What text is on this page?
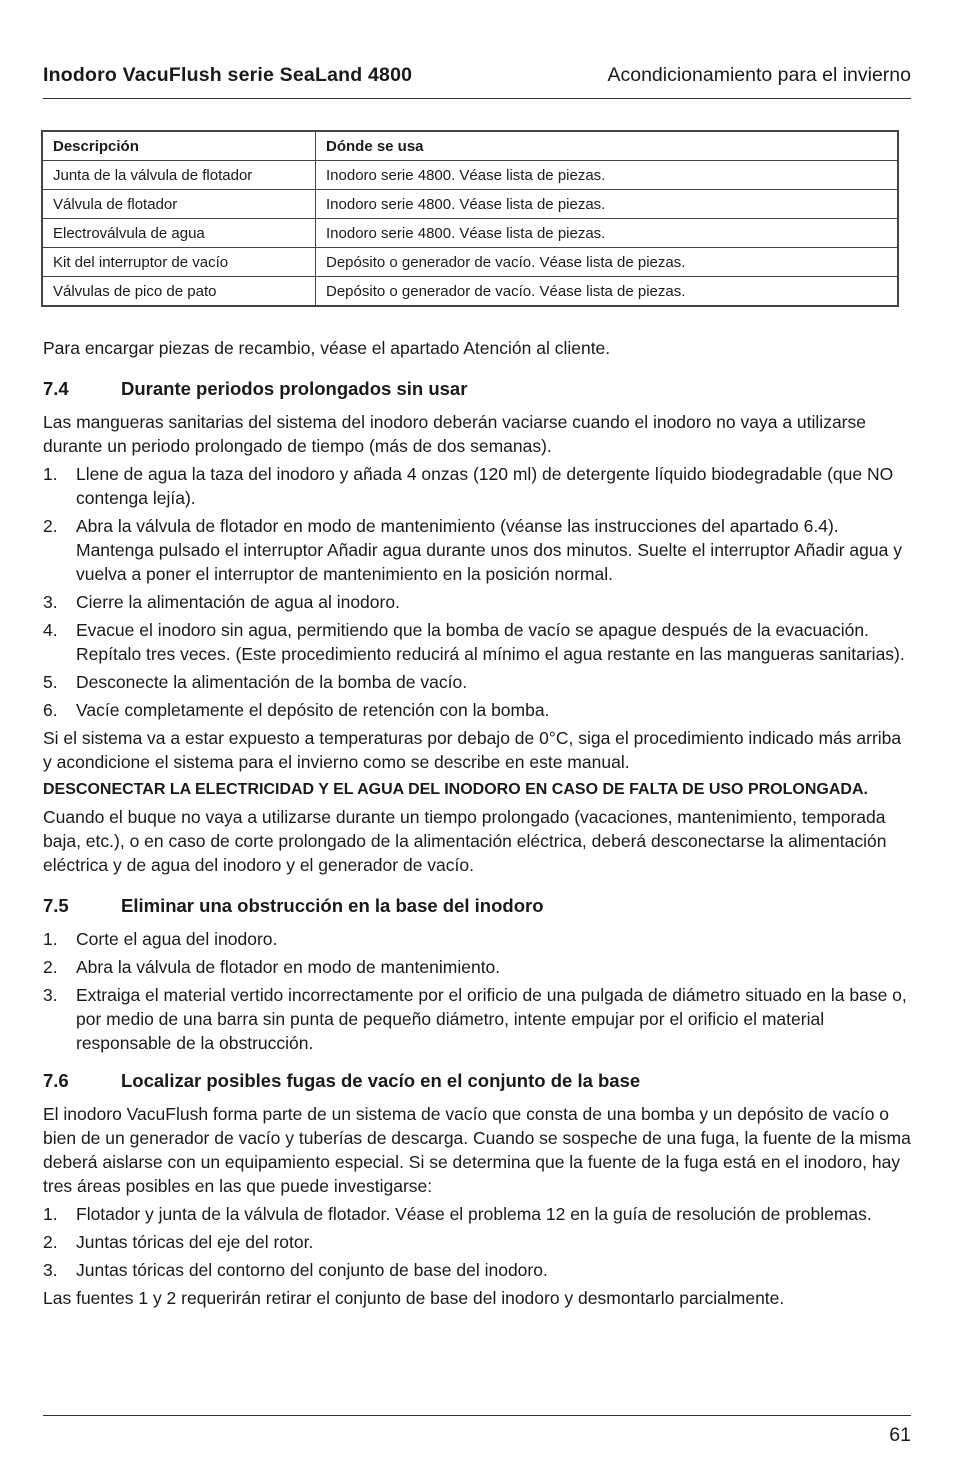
Inodoro VacuFlush serie SeaLand 4800	Acondicionamiento para el invierno
Descripción	Dónde se usa
Junta de la válvula de flotador	Inodoro serie 4800. Véase lista de piezas.
Válvula de flotador	Inodoro serie 4800. Véase lista de piezas.
Electroválvula de agua	Inodoro serie 4800. Véase lista de piezas.
Kit del interruptor de vacío	Depósito o generador de vacío. Véase lista de piezas.
Válvulas de pico de pato	Depósito o generador de vacío. Véase lista de piezas.

Para encargar piezas de recambio, véase el apartado Atención al cliente.

7.4	Durante periodos prolongados sin usar

Las mangueras sanitarias del sistema del inodoro deberán vaciarse cuando el inodoro no vaya a utilizarse durante un periodo prolongado de tiempo (más de dos semanas).

1. Llene de agua la taza del inodoro y añada 4 onzas (120 ml) de detergente líquido biodegradable (que NO contenga lejía).
2. Abra la válvula de flotador en modo de mantenimiento (véanse las instrucciones del apartado 6.4). Mantenga pulsado el interruptor Añadir agua durante unos dos minutos. Suelte el interruptor Añadir agua y vuelva a poner el interruptor de mantenimiento en la posición normal.
3. Cierre la alimentación de agua al inodoro.
4. Evacue el inodoro sin agua, permitiendo que la bomba de vacío se apague después de la evacuación. Repítalo tres veces. (Este procedimiento reducirá al mínimo el agua restante en las mangueras sanitarias).
5. Desconecte la alimentación de la bomba de vacío.
6. Vacíe completamente el depósito de retención con la bomba.

Si el sistema va a estar expuesto a temperaturas por debajo de 0°C, siga el procedimiento indicado más arriba y acondicione el sistema para el invierno como se describe en este manual.

DESCONECTAR LA ELECTRICIDAD Y EL AGUA DEL INODORO EN CASO DE FALTA DE USO PROLONGADA.

Cuando el buque no vaya a utilizarse durante un tiempo prolongado (vacaciones, mantenimiento, temporada baja, etc.), o en caso de corte prolongado de la alimentación eléctrica, deberá desconectarse la alimentación eléctrica y de agua del inodoro y el generador de vacío.

7.5	Eliminar una obstrucción en la base del inodoro
1. Corte el agua del inodoro.
2. Abra la válvula de flotador en modo de mantenimiento.
3. Extraiga el material vertido incorrectamente por el orificio de una pulgada de diámetro situado en la base o, por medio de una barra sin punta de pequeño diámetro, intente empujar por el orificio el material responsable de la obstrucción.
7.6	Localizar posibles fugas de vacío en el conjunto de la base

El inodoro VacuFlush forma parte de un sistema de vacío que consta de una bomba y un depósito de vacío o bien de un generador de vacío y tuberías de descarga. Cuando se sospeche de una fuga, la fuente de la misma deberá aislarse con un equipamiento especial. Si se determina que la fuente de la fuga está en el inodoro, hay tres áreas posibles en las que puede investigarse:

1. Flotador y junta de la válvula de flotador. Véase el problema 12 en la guía de resolución de problemas.
2. Juntas tóricas del eje del rotor.
3. Juntas tóricas del contorno del conjunto de base del inodoro.

Las fuentes 1 y 2 requerirán retirar el conjunto de base del inodoro y desmontarlo parcialmente.

61
